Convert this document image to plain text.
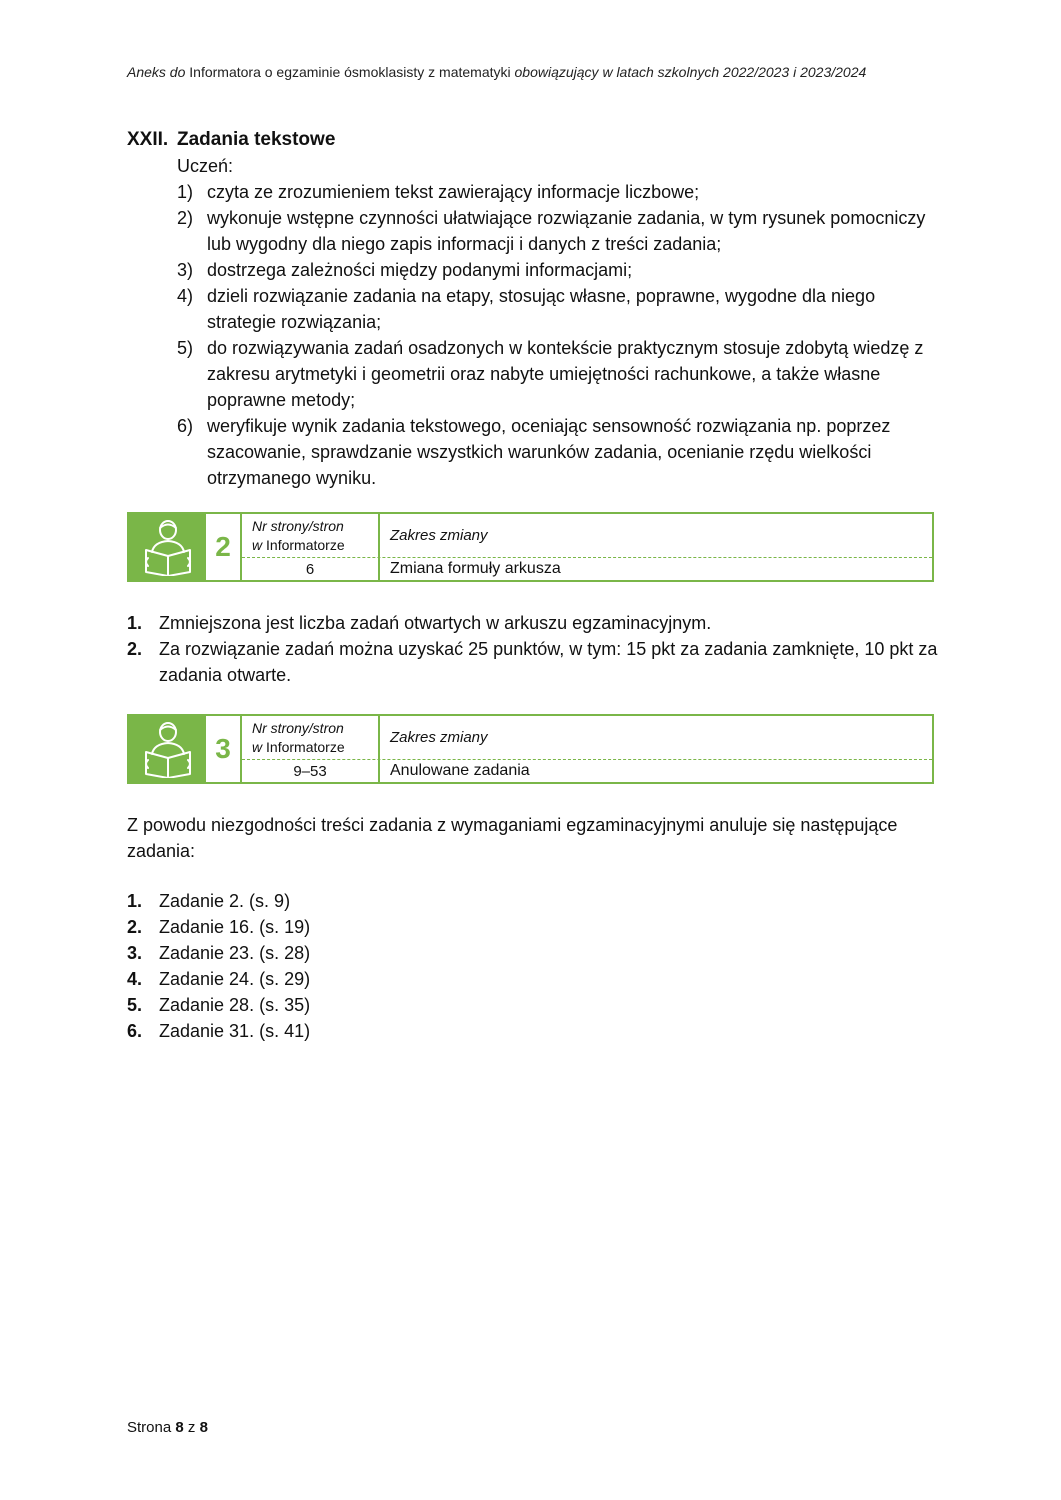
Aneks do Informatora o egzaminie ósmoklasisty z matematyki obowiązujący w latach szkolnych 2022/2023 i 2023/2024
XXII. Zadania tekstowe
Uczeń:
1) czyta ze zrozumieniem tekst zawierający informacje liczbowe;
2) wykonuje wstępne czynności ułatwiające rozwiązanie zadania, w tym rysunek pomocniczy lub wygodny dla niego zapis informacji i danych z treści zadania;
3) dostrzega zależności między podanymi informacjami;
4) dzieli rozwiązanie zadania na etapy, stosując własne, poprawne, wygodne dla niego strategie rozwiązania;
5) do rozwiązywania zadań osadzonych w kontekście praktycznym stosuje zdobytą wiedzę z zakresu arytmetyki i geometrii oraz nabyte umiejętności rachunkowe, a także własne poprawne metody;
6) weryfikuje wynik zadania tekstowego, oceniając sensowność rozwiązania np. poprzez szacowanie, sprawdzanie wszystkich warunków zadania, ocenianie rzędu wielkości otrzymanego wyniku.
2
Nr strony/stron
w Informatorze
Zakres zmiany
6	Zmiana formuły arkusza
1. Zmniejszona jest liczba zadań otwartych w arkuszu egzaminacyjnym.
2. Za rozwiązanie zadań można uzyskać 25 punktów, w tym: 15 pkt za zadania zamknięte, 10 pkt za zadania otwarte.
3
Nr strony/stron
w Informatorze
Zakres zmiany
9–53	Anulowane zadania
Z powodu niezgodności treści zadania z wymaganiami egzaminacyjnymi anuluje się następujące zadania:
1. Zadanie 2. (s. 9)
2. Zadanie 16. (s. 19)
3. Zadanie 23. (s. 28)
4. Zadanie 24. (s. 29)
5. Zadanie 28. (s. 35)
6. Zadanie 31. (s. 41)
Strona 8 z 8
